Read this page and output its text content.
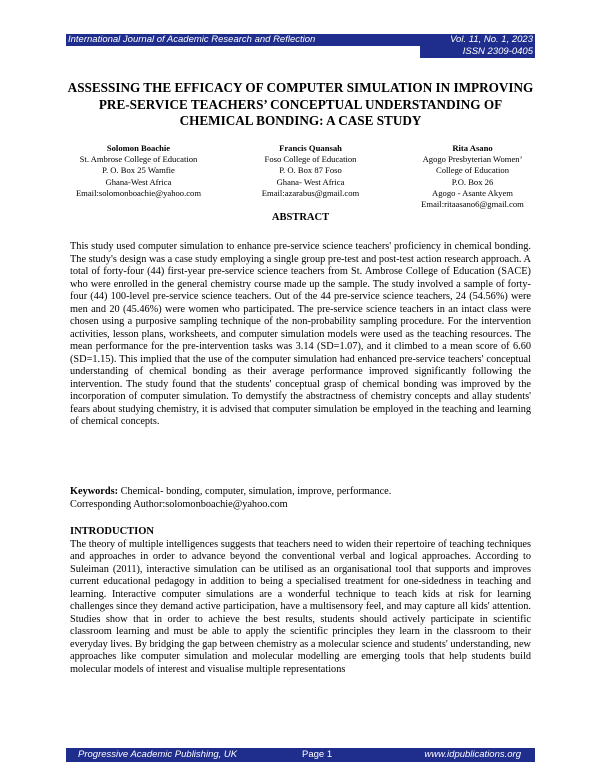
International Journal of Academic Research and Reflection	Vol. 11, No. 1, 2023
ISSN 2309-0405
ASSESSING THE EFFICACY OF COMPUTER SIMULATION IN IMPROVING PRE-SERVICE TEACHERS’ CONCEPTUAL UNDERSTANDING OF CHEMICAL BONDING: A CASE STUDY
Solomon Boachie
St. Ambrose College of Education
P. O. Box 25 Wamfie
Ghana-West Africa
Email:solomonboachie@yahoo.com
Francis Quansah
Foso College of Education
P. O. Box 87 Foso
Ghana- West Africa
Email:azarabus@gmail.com
Rita Asano
Agogo Presbyterian Women’
College of Education
P.O. Box 26
Agogo - Asante Akyem
Email:ritaasano6@gmail.com
ABSTRACT

This study used computer simulation to enhance pre-service science teachers' proficiency in chemical bonding. The study's design was a case study employing a single group pre-test and post-test action research approach. A total of forty-four (44) first-year pre-service science teachers from St. Ambrose College of Education (SACE) who were enrolled in the general chemistry course made up the sample. The study involved a sample of forty-four (44) 100-level pre-service science teachers. Out of the 44 pre-service science teachers, 24 (54.56%) were men and 20 (45.46%) were women who participated. The pre-service science teachers in an intact class were chosen using a purposive sampling technique of the non-probability sampling procedure. For the intervention activities, lesson plans, worksheets, and computer simulation models were used as the teaching resources. The mean performance for the pre-intervention tasks was 3.14 (SD=1.07), and it climbed to a mean score of 6.60 (SD=1.15). This implied that the use of the computer simulation had enhanced pre-service teachers' conceptual understanding of chemical bonding as their average performance improved significantly following the intervention. The study found that the students' conceptual grasp of chemical bonding was improved by the incorporation of computer simulation. To demystify the abstractness of chemistry concepts and allay students' fears about studying chemistry, it is advised that computer simulation be employed in the teaching and learning of chemical concepts.

Keywords: Chemical- bonding, computer, simulation, improve, performance.

Corresponding Author:solomonboachie@yahoo.com

INTRODUCTION

The theory of multiple intelligences suggests that teachers need to widen their repertoire of teaching techniques and approaches in order to advance beyond the conventional verbal and logical approaches. According to Suleiman (2011), interactive simulation can be utilised as an organisational tool that supports and improves current educational pedagogy in addition to being a specialised treatment for one-sidedness in teaching and learning. Interactive computer simulations are a wonderful technique to teach kids at risk for learning challenges since they demand active participation, have a multisensory feel, and may capture all kids' attention. Studies show that in order to achieve the best results, students should actively participate in scientific classroom learning and must be able to apply the scientific principles they learn in the classroom to their everyday lives. By bridging the gap between chemistry as a molecular science and students' understanding, new approaches like computer simulation and molecular modelling are emerging tools that help students build molecular models of interest and visualise multiple representations

Progressive Academic Publishing, UK	Page 1	www.idpublications.org
